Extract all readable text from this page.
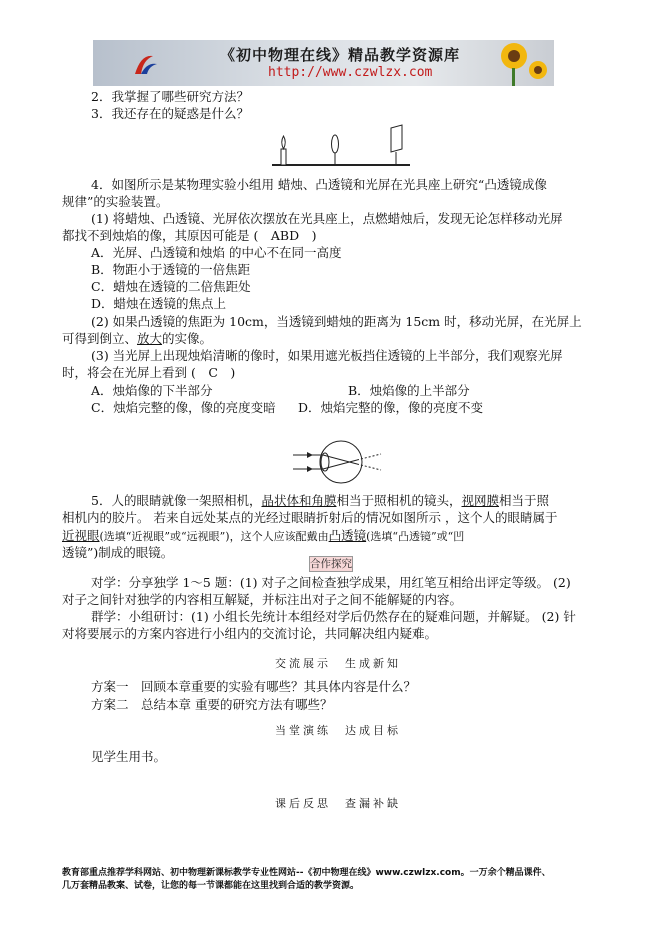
《初中物理在线》精品教学资源库
http://www.czwlzx.com
2．我掌握了哪些研究方法？
3．我还存在的疑惑是什么？
4．如图所示是某物理实验小组用 蜡烛、凸透镜和光屏在光具座上研究“凸透镜成像
规律”的实验装置。
(1) 将蜡烛、凸透镜、光屏依次摆放在光具座上，点燃蜡烛后，发现无论怎样移动光屏
都找不到烛焰的像，其原因可能是 (　ABD　)
A．光屏、凸透镜和烛焰 的中心不在同一高度
B．物距小于透镜的一倍焦距
C．蜡烛在透镜的二倍焦距处
D．蜡烛在透镜的焦点上
(2) 如果凸透镜的焦距为 10cm，当透镜到蜡烛的距离为 15cm 时，移动光屏，在光屏上
可得到倒立、放大的实像。
(3) 当光屏上出现烛焰清晰的像时，如果用遮光板挡住透镜的上半部分，我们观察光屏
时，将会在光屏上看到 (　C　)
A．烛焰像的下半部分	B．烛焰像的上半部分
C．烛焰完整的像，像的亮度变暗 D．烛焰完整的像，像的亮度不变
5．人的眼睛就像一架照相机，晶状体和角膜相当于照相机的镜头，视网膜相当于照
相机内的胶片。 若来自远处某点的光经过眼睛折射后的情况如图所示 ，这个人的眼睛属于
近视眼(选填“近视眼”或“远视眼”)，这个人应该配戴由凸透镜(选填“凸透镜”或“凹
透镜”)制成的眼镜。
合作探究
对学：分享独学 1～5 题：(1) 对子之间检查独学成果，用红笔互相给出评定等级。 (2)
对子之间针对独学的内容相互解疑，并标注出对子之间不能解疑的内容。
群学：小组研讨：(1) 小组长先统计本组经对学后仍然存在的疑难问题，并解疑。 (2) 针
对将要展示的方案内容进行小组内的交流讨论，共同解决组内疑难。
交流展示　生成新知
方案一　回顾本章重要的实验有哪些？其具体内容是什么？
方案二　总结本章 重要的研究方法有哪些？
当堂演练　达成目标
见学生用书。
课后反思　查漏补缺
教育部重点推荐学科网站、初中物理新课标教学专业性网站--《初中物理在线》www.czwlzx.com。一万余个精品课件、
几万套精品教案、试卷，让您的每一节课都能在这里找到合适的教学资源。
